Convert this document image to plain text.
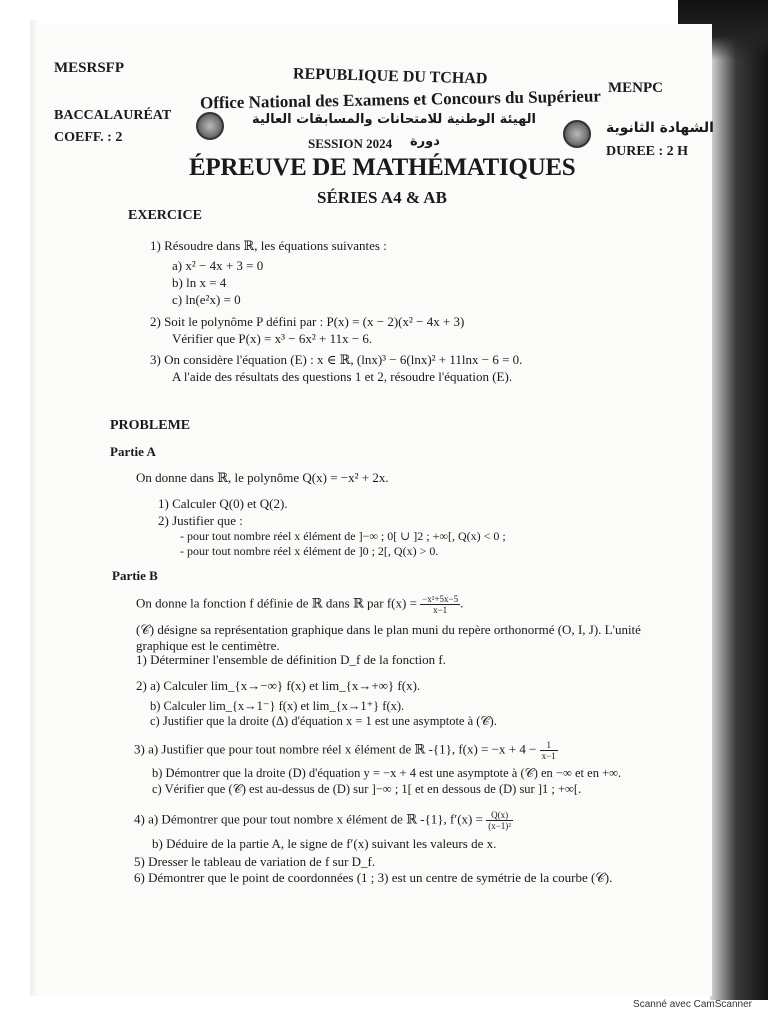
MESRSFP	REPUBLIQUE DU TCHAD
MENPC
Office National des Examens et Concours du Supérieur
BACCALAURÉAT	الهيئة الوطنية للامتحانات والمسابقات العالية
الشهادة الثانوية
COEFF. : 2	SESSION 2024 دورة
DUREE : 2 H
ÉPREUVE DE MATHÉMATIQUES
SÉRIES A4 & AB
EXERCICE
1) Résoudre dans ℝ, les équations suivantes :
a) x² − 4x + 3 = 0
b) ln x = 4
c) ln(e²x) = 0
2) Soit le polynôme P défini par : P(x) = (x − 2)(x² − 4x + 3)
Vérifier que P(x) = x³ − 6x² + 11x − 6.
3) On considère l'équation (E) : x ∈ ℝ, (lnx)³ − 6(lnx)² + 11lnx − 6 = 0.
A l'aide des résultats des questions 1 et 2, résoudre l'équation (E).
PROBLEME
Partie A
On donne dans ℝ, le polynôme Q(x) = −x² + 2x.
1) Calculer Q(0) et Q(2).
2) Justifier que :
- pour tout nombre réel x élément de ]−∞ ; 0[ ∪ ]2 ; +∞[, Q(x) < 0 ;
- pour tout nombre réel x élément de ]0 ; 2[, Q(x) > 0.
Partie B
On donne la fonction f définie de ℝ dans ℝ par $f(x) = \frac{\text{−x²+5x−5}}{x-1}$ .
(𝒞) désigne sa représentation graphique dans le plan muni du repère orthonormé (O, I, J). L'unité
graphique est le centimètre.
1) Déterminer l'ensemble de définition D_f de la fonction f.
2) a) Calculer lim_{x→−∞} f(x) et lim_{x→+∞} f(x).
b) Calculer lim_{x→1⁻} f(x) et lim_{x→1⁺} f(x).
c) Justifier que la droite (Δ) d'équation x = 1 est une asymptote à (𝒞).
3) a) Justifier que pour tout nombre réel x élément de ℝ -{1}, $f(x) = -x + 4 - \frac{1}{x-1}$
b) Démontrer que la droite (D) d'équation y = −x + 4 est une asymptote à (𝒞) en −∞ et en +∞.
c) Vérifier que (𝒞) est au-dessus de (D) sur ]−∞ ; 1[ et en dessous de (D) sur ]1 ; +∞[.
4) a) Démontrer que pour tout nombre x élément de ℝ -{1}, $f'(x) = \frac{Q(x)}{\text{(x−1)²}}$
b) Déduire de la partie A, le signe de f′(x) suivant les valeurs de x.
5) Dresser le tableau de variation de f sur D_f.
6) Démontrer que le point de coordonnées (1 ; 3) est un centre de symétrie de la courbe (𝒞).
Scanné avec CamScanner
